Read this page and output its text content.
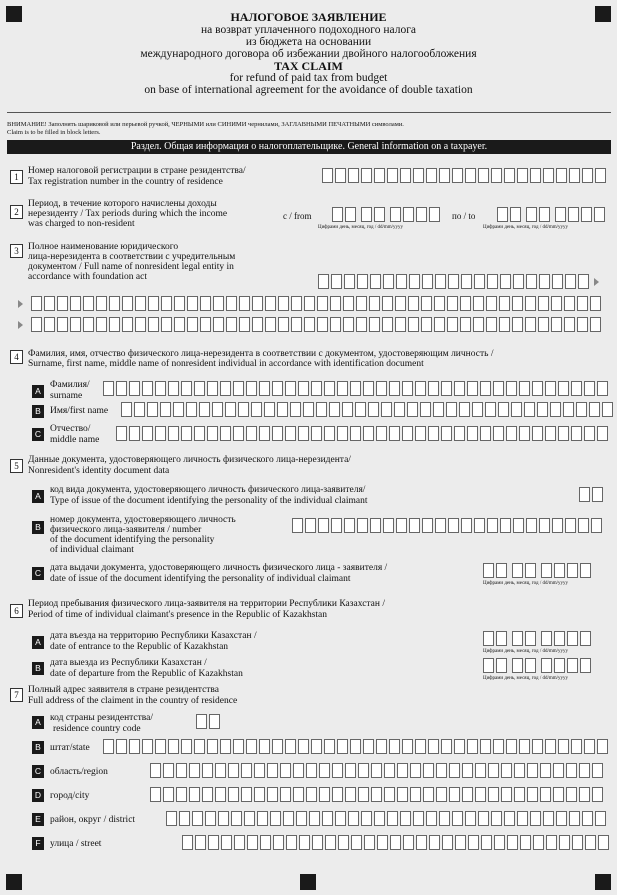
НАЛОГОВОЕ ЗАЯВЛЕНИЕ
на возврат уплаченного подоходного налога
из бюджета на основании
международного договора об избежании двойного налогообложения
TAX CLAIM
for refund of paid tax from budget
on base of international agreement for the avoidance of double taxation
ВНИМАНИЕ! Заполнять шариковой или перьевой ручкой, ЧЕРНЫМИ или СИНИМИ чернилами, ЗАГЛАВНЫМИ ПЕЧАТНЫМИ символами.
Claim is to be filled in block letters.
Раздел. Общая информация о налогоплательщике. General information on a taxpayer.
1
Номер налоговой регистрации в стране резидентства/
Tax registration number in the country of residence
2
Период, в течение которого начислены доходы
нерезиденту / Tax periods during which the income
was charged to non-resident
с / from
Цифрами день, месяц, год / dd/mm/yyyy
по / to
Цифрами день, месяц, год / dd/mm/yyyy
3 Полное наименование юридического
лица-нерезидента в соответствии с учредительным
документом / Full name of nonresident legal entity in
accordance with foundation act
4 Фамилия, имя, отчество физического лица-нерезидента в соответствии с документом, удостоверяющим личность /
Surname, first name, middle name of nonresident individual in accordance with identification document
A
Фамилия/
surname
B Имя/first name
C Отчество/
middle name
5
Данные документа, удостоверяющего личность физического лица-нерезидента/
Nonresident's identity document data
A
код вида документа, удостоверяющего личность физического лица-заявителя/
Type of issue of the document identifying the personality of the individual claimant
B
номер документа, удостоверяющего личность
физического лица-заявителя / number
of the document identifying the personality
of individual claimant
C дата выдачи документа, удостоверяющего личность физического лица - заявителя /
date of issue of the document identifying the personality of individual claimant	Цифрами день, месяц, год / dd/mm/yyyy
6
Период пребывания физического лица-заявителя на территории Республики Казахстан /
Period of time of individual claimant's presence in the Republic of Kazakhstan
A
дата въезда на территорию Республики Казахстан /
date of entrance to the Republic of Kazakhstan	Цифрами день, месяц, год / dd/mm/yyyy
B дата выезда из Республики Казахстан /
date of departure from the Republic of Kazakhstan	Цифрами день, месяц, год / dd/mm/yyyy
7 Полный адрес заявителя в стране резидентства
Full address of the claiment in the country of residence
A код страны резидентства/
residence country code
B штат/state
C область/region
D город/city
E район, округ / district
F улица / street
